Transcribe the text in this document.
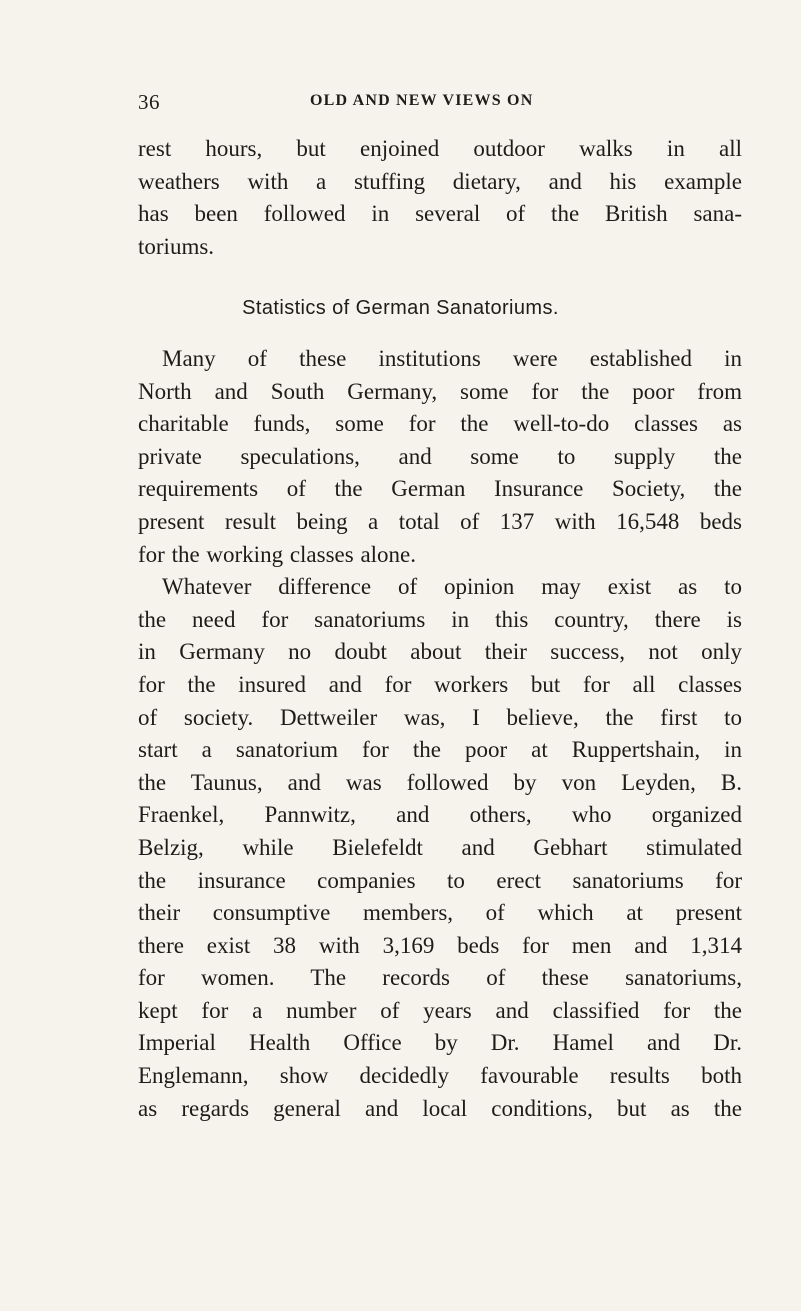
36	OLD AND NEW VIEWS ON
rest hours, but enjoined outdoor walks in all
weathers with a stuffing dietary, and his example
has been followed in several of the British sana-
toriums.
Statistics of German Sanatoriums.
Many of these institutions were established in
North and South Germany, some for the poor from
charitable funds, some for the well-to-do classes as
private speculations, and some to supply the
requirements of the German Insurance Society, the
present result being a total of 137 with 16,548 beds
for the working classes alone.
Whatever difference of opinion may exist as to
the need for sanatoriums in this country, there is
in Germany no doubt about their success, not only
for the insured and for workers but for all classes
of society. Dettweiler was, I believe, the first to
start a sanatorium for the poor at Ruppertshain, in
the Taunus, and was followed by von Leyden, B.
Fraenkel, Pannwitz, and others, who organized
Belzig, while Bielefeldt and Gebhart stimulated
the insurance companies to erect sanatoriums for
their consumptive members, of which at present
there exist 38 with 3,169 beds for men and 1,314
for women. The records of these sanatoriums,
kept for a number of years and classified for the
Imperial Health Office by Dr. Hamel and Dr.
Englemann, show decidedly favourable results both
as regards general and local conditions, but as the
